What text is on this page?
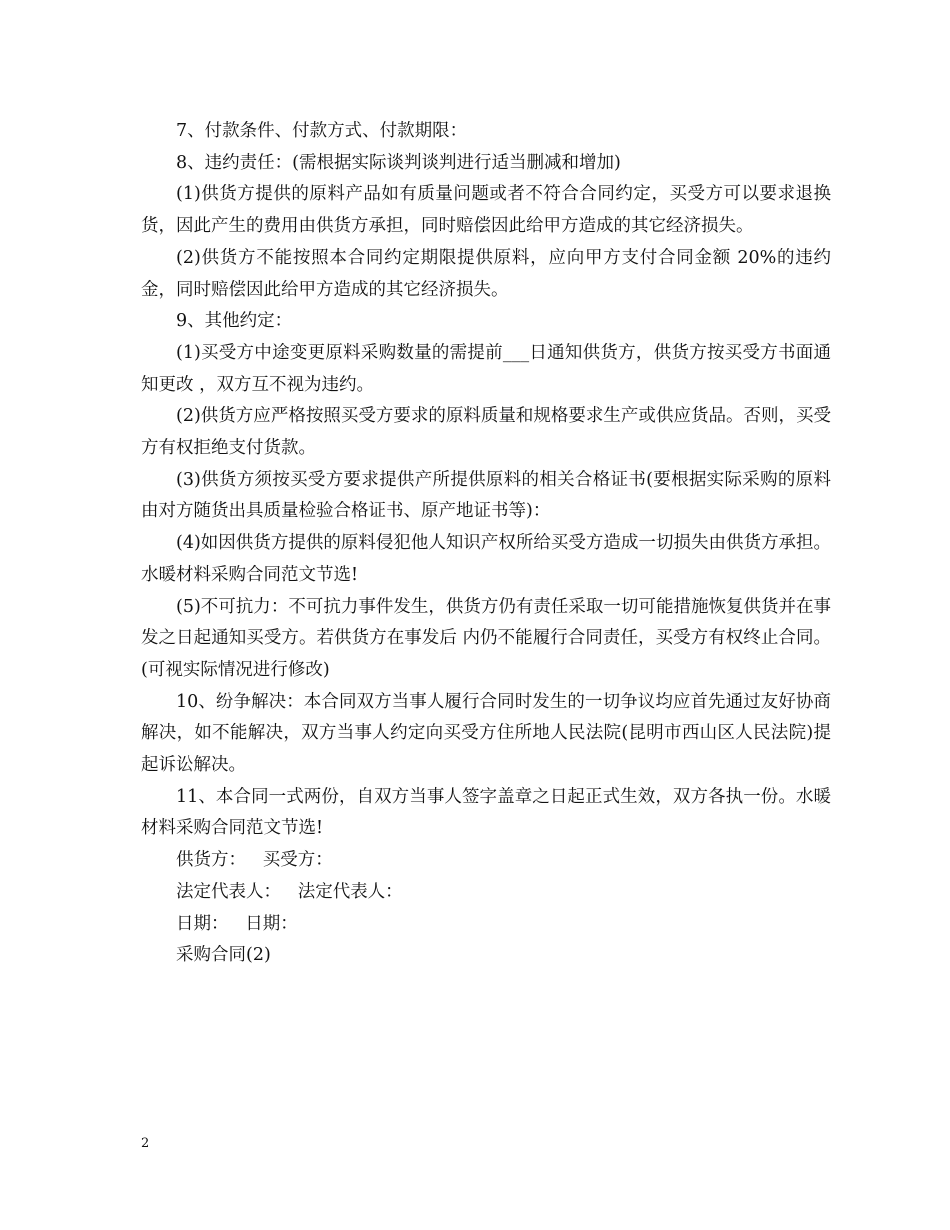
7、付款条件、付款方式、付款期限：

8、违约责任：(需根据实际谈判谈判进行适当删减和增加)

(1)供货方提供的原料产品如有质量问题或者不符合合同约定，买受方可以要求退换货，因此产生的费用由供货方承担，同时赔偿因此给甲方造成的其它经济损失。

(2)供货方不能按照本合同约定期限提供原料，应向甲方支付合同金额 20%的违约金，同时赔偿因此给甲方造成的其它经济损失。

9、其他约定：

(1)买受方中途变更原料采购数量的需提前___日通知供货方，供货方按买受方书面通知更改 ，双方互不视为违约。

(2)供货方应严格按照买受方要求的原料质量和规格要求生产或供应货品。否则，买受方有权拒绝支付货款。

(3)供货方须按买受方要求提供产所提供原料的相关合格证书(要根据实际采购的原料由对方随货出具质量检验合格证书、原产地证书等)：

(4)如因供货方提供的原料侵犯他人知识产权所给买受方造成一切损失由供货方承担。水暖材料采购合同范文节选!

(5)不可抗力：不可抗力事件发生，供货方仍有责任采取一切可能措施恢复供货并在事发之日起通知买受方。若供货方在事发后 内仍不能履行合同责任，买受方有权终止合同。(可视实际情况进行修改)

10、纷争解决：本合同双方当事人履行合同时发生的一切争议均应首先通过友好协商解决，如不能解决，双方当事人约定向买受方住所地人民法院(昆明市西山区人民法院)提起诉讼解决。

11、本合同一式两份，自双方当事人签字盖章之日起正式生效，双方各执一份。水暖材料采购合同范文节选!

供货方：   买受方：

法定代表人：   法定代表人：

日期：   日期：

采购合同(2)

2
